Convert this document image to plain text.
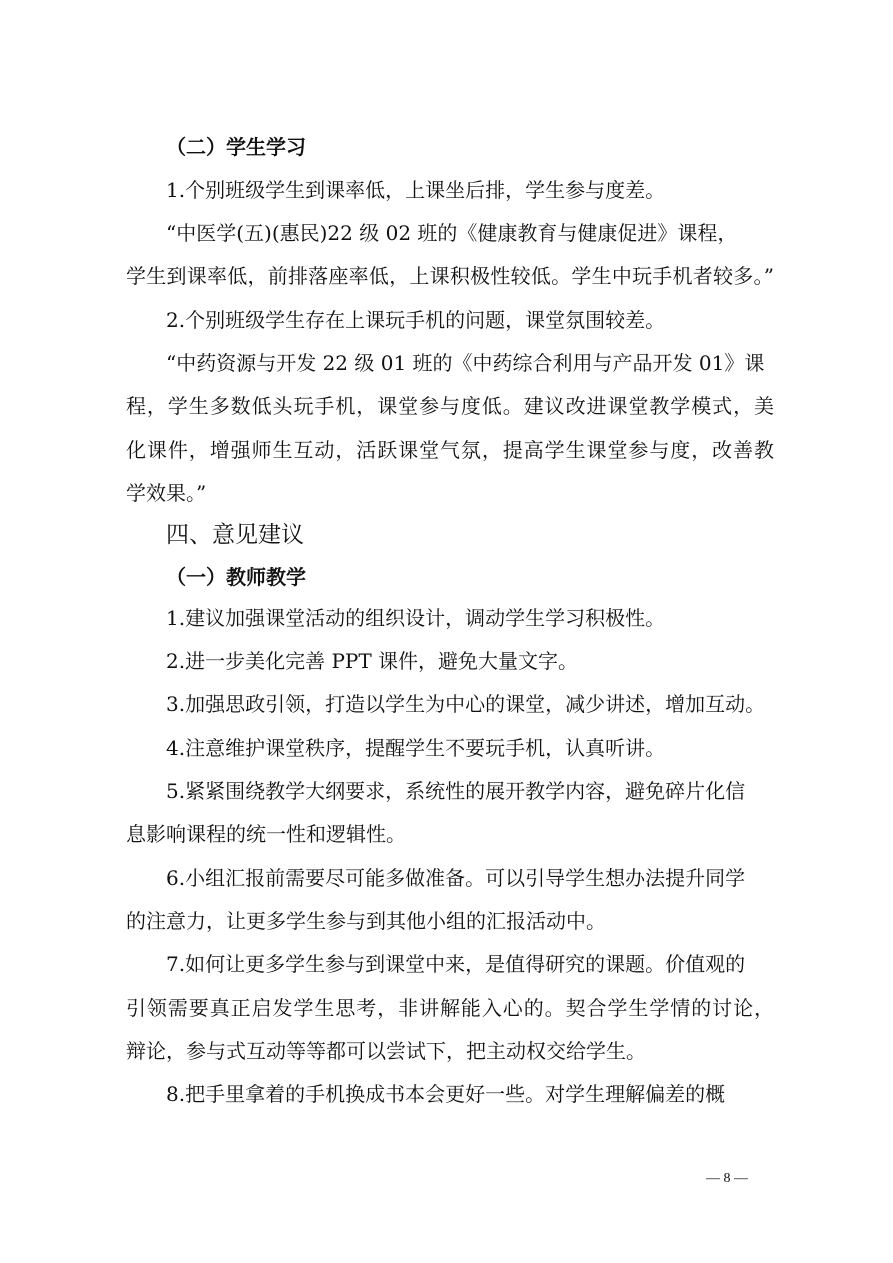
（二）学生学习
1.个别班级学生到课率低，上课坐后排，学生参与度差。
“中医学(五)(惠民)22 级 02 班的《健康教育与健康促进》课程，
学生到课率低，前排落座率低，上课积极性较低。学生中玩手机者较多。”
2.个别班级学生存在上课玩手机的问题，课堂氛围较差。
“中药资源与开发 22 级 01 班的《中药综合利用与产品开发 01》课
程，学生多数低头玩手机，课堂参与度低。建议改进课堂教学模式，美
化课件，增强师生互动，活跃课堂气氛，提高学生课堂参与度，改善教
学效果。”
四、意见建议
（一）教师教学
1.建议加强课堂活动的组织设计，调动学生学习积极性。
2.进一步美化完善 PPT 课件，避免大量文字。
3.加强思政引领，打造以学生为中心的课堂，减少讲述，增加互动。
4.注意维护课堂秩序，提醒学生不要玩手机，认真听讲。
5.紧紧围绕教学大纲要求，系统性的展开教学内容，避免碎片化信
息影响课程的统一性和逻辑性。
6.小组汇报前需要尽可能多做准备。可以引导学生想办法提升同学
的注意力，让更多学生参与到其他小组的汇报活动中。
7.如何让更多学生参与到课堂中来，是值得研究的课题。价值观的
引领需要真正启发学生思考，非讲解能入心的。契合学生学情的讨论，
辩论，参与式互动等等都可以尝试下，把主动权交给学生。
8.把手里拿着的手机换成书本会更好一些。对学生理解偏差的概
— 8 —
